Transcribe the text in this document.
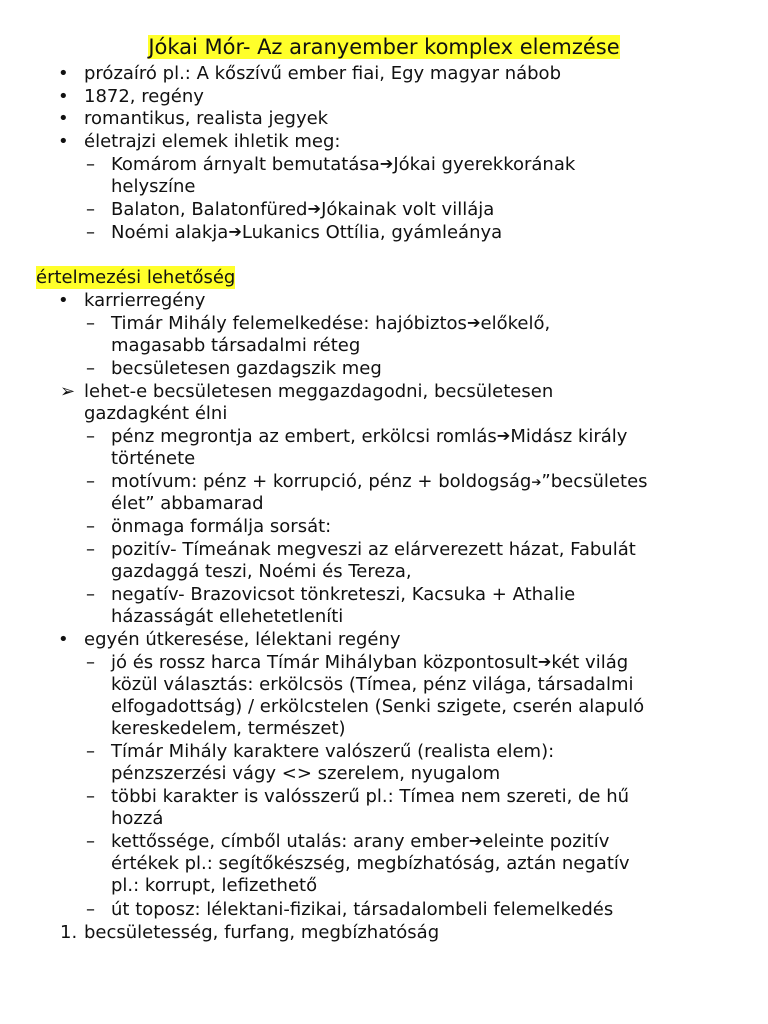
Jókai Mór- Az aranyember komplex elemzése
• prózaíró pl.: A kőszívű ember fiai, Egy magyar nábob
• 1872, regény
• romantikus, realista jegyek
• életrajzi elemek ihletik meg:
– Komárom árnyalt bemutatása➔Jókai gyerekkorának
helyszíne
– Balaton, Balatonfüred➔Jókainak volt villája
– Noémi alakja➔Lukanics Ottília, gyámleánya
értelmezési lehetőség
• karrierregény
– Timár Mihály felemelkedése: hajóbiztos➔előkelő,
magasabb társadalmi réteg
– becsületesen gazdagszik meg
➢ lehet-e becsületesen meggazdagodni, becsületesen
gazdagként élni
– pénz megrontja az embert, erkölcsi romlás➔Midász király
története
– motívum: pénz + korrupció, pénz + boldogság➔”becsületes
élet” abbamarad
– önmaga formálja sorsát:
– pozitív- Tímeának megveszi az elárverezett házat, Fabulát
gazdaggá teszi, Noémi és Tereza,
– negatív- Brazovicsot tönkreteszi, Kacsuka + Athalie
házasságát ellehetetleníti
• egyén útkeresése, lélektani regény
– jó és rossz harca Tímár Mihályban központosult➔két világ
közül választás: erkölcsös (Tímea, pénz világa, társadalmi
elfogadottság) / erkölcstelen (Senki szigete, cserén alapuló
kereskedelem, természet)
– Tímár Mihály karaktere valószerű (realista elem):
pénzszerzési vágy <> szerelem, nyugalom
– többi karakter is valósszerű pl.: Tímea nem szereti, de hű
hozzá
– kettőssége, címből utalás: arany ember➔eleinte pozitív
értékek pl.: segítőkészség, megbízhatóság, aztán negatív
pl.: korrupt, lefizethető
– út toposz: lélektani-fizikai, társadalombeli felemelkedés
1. becsületesség, furfang, megbízhatóság
